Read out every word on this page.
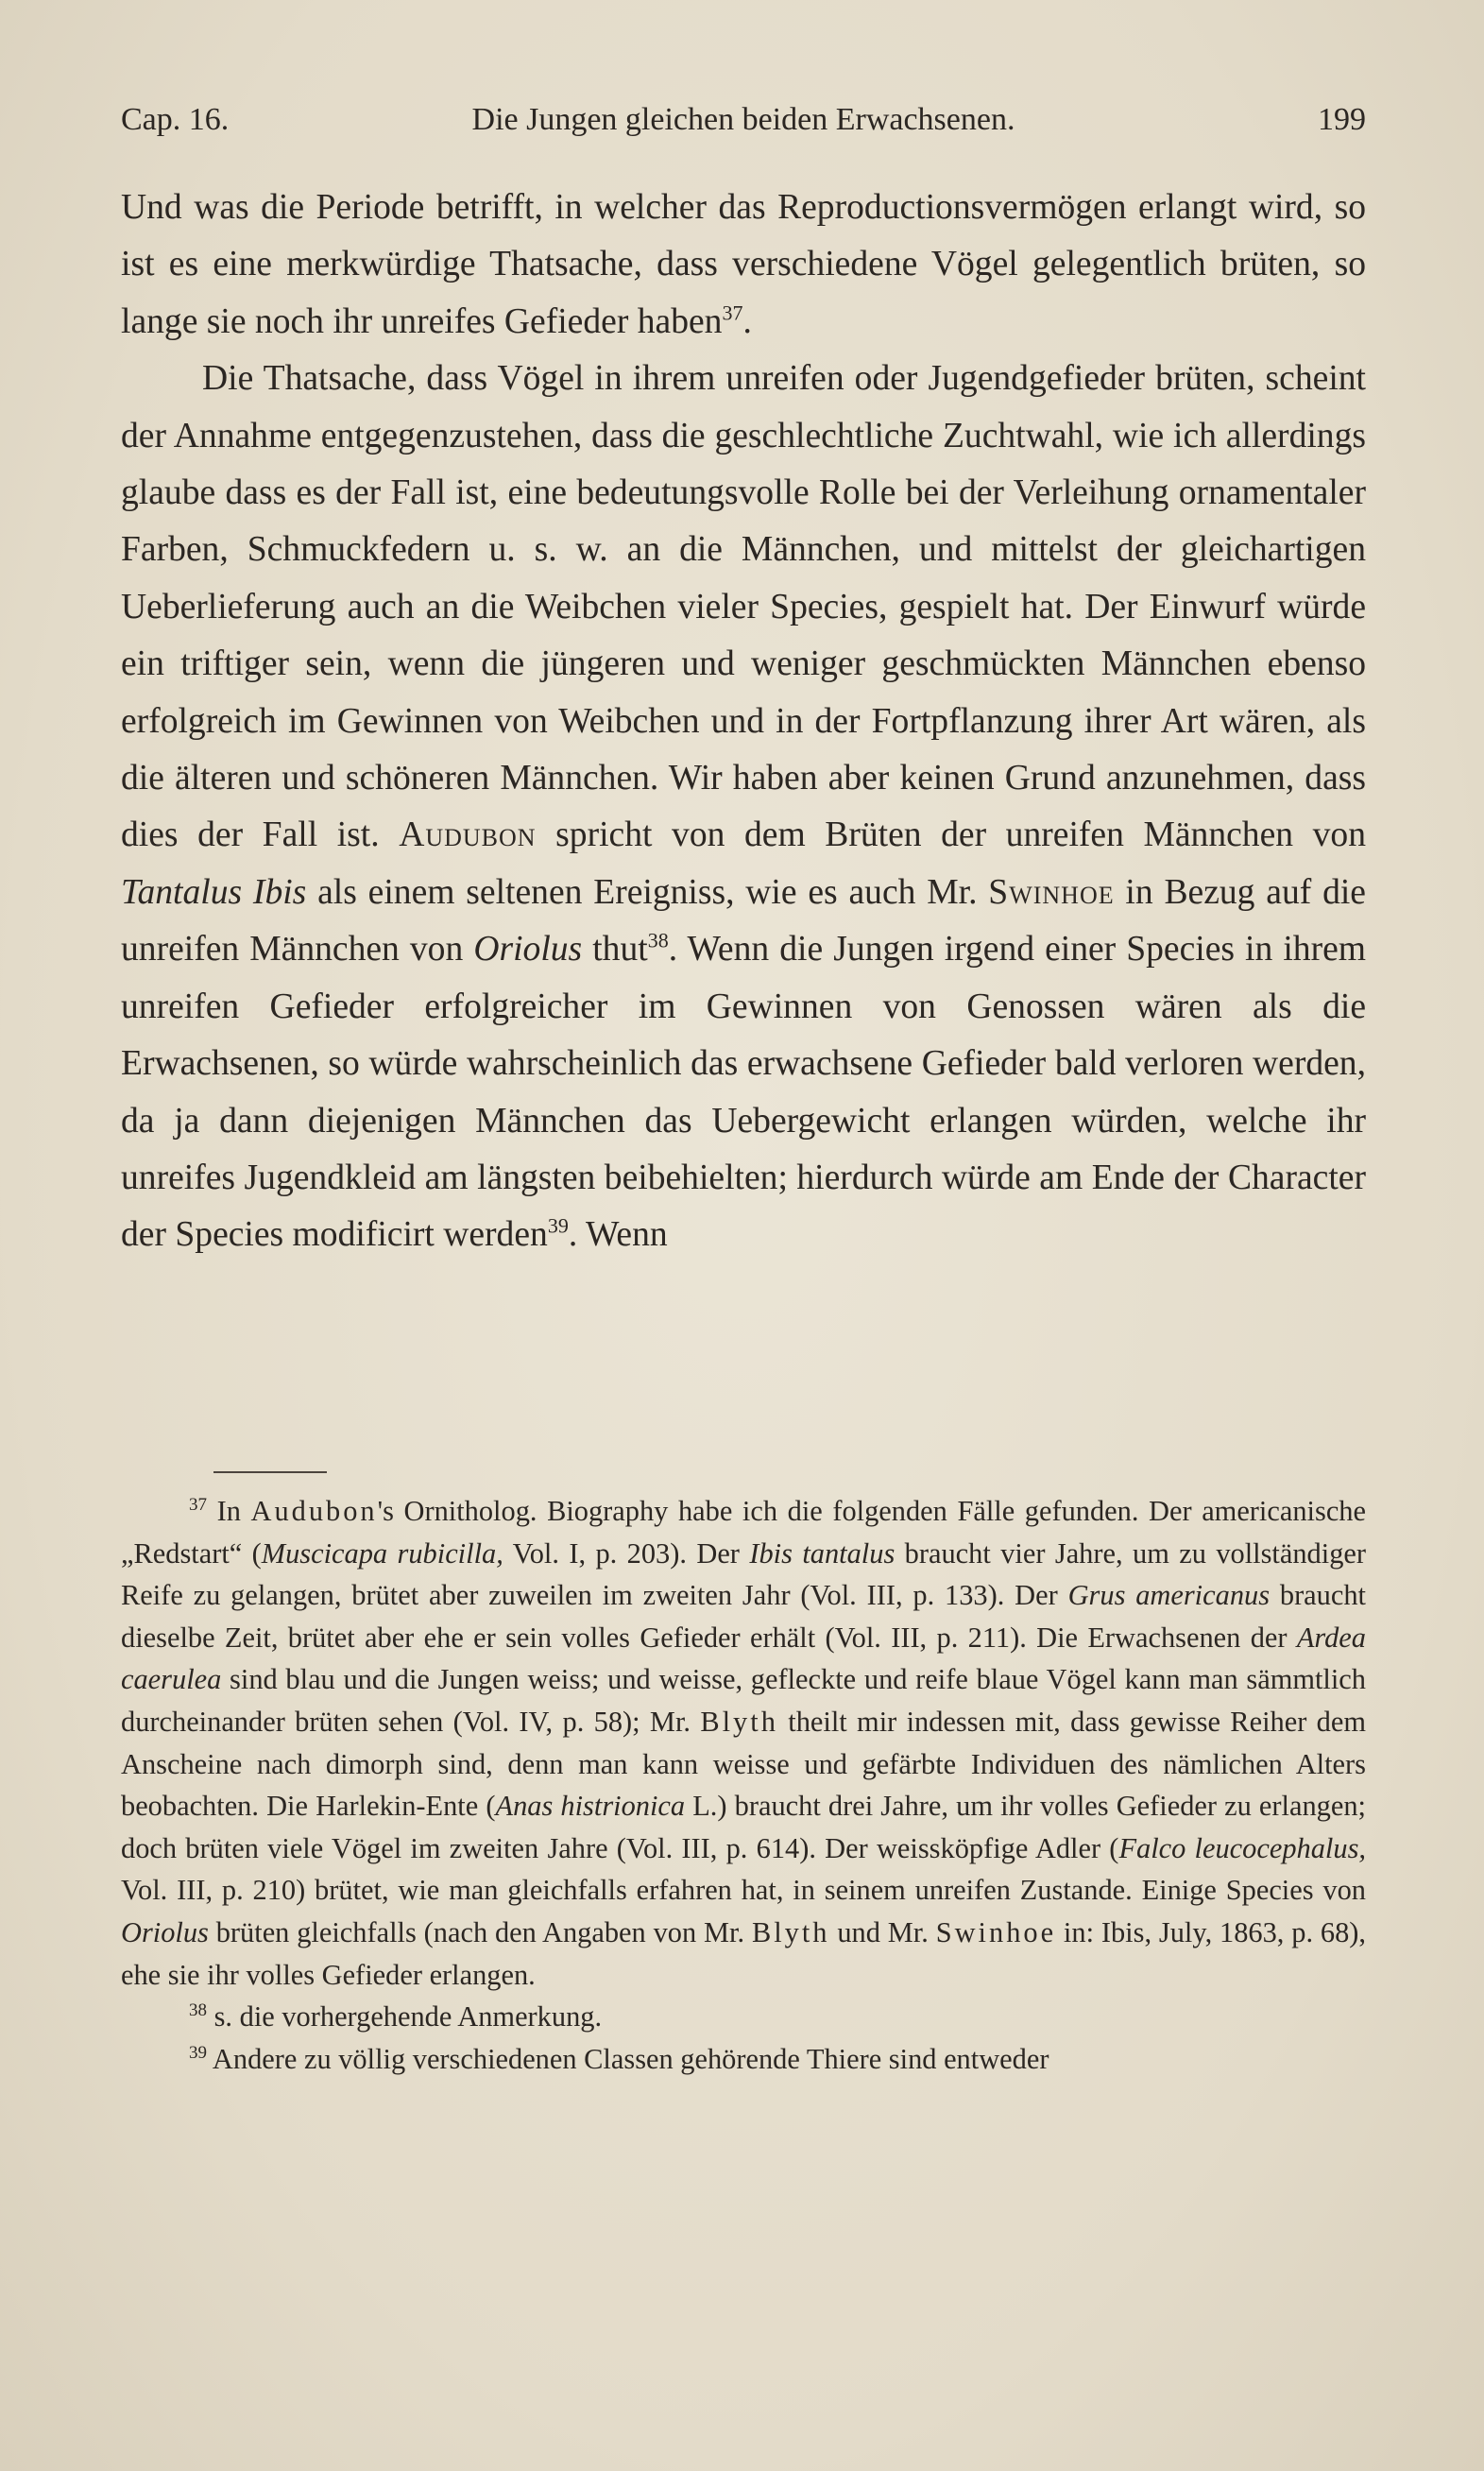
Cap. 16.	Die Jungen gleichen beiden Erwachsenen.	199

Und was die Periode betrifft, in welcher das Reproductionsvermögen erlangt wird, so ist es eine merkwürdige Thatsache, dass verschiedene Vögel gelegentlich brüten, so lange sie noch ihr unreifes Gefieder haben$^{37}$.

Die Thatsache, dass Vögel in ihrem unreifen oder Jugendgefieder brüten, scheint der Annahme entgegenzustehen, dass die geschlechtliche Zuchtwahl, wie ich allerdings glaube dass es der Fall ist, eine bedeutungsvolle Rolle bei der Verleihung ornamentaler Farben, Schmuckfedern u. s. w. an die Männchen, und mittelst der gleichartigen Ueberlieferung auch an die Weibchen vieler Species, gespielt hat. Der Einwurf würde ein triftiger sein, wenn die jüngeren und weniger geschmückten Männchen ebenso erfolgreich im Gewinnen von Weibchen und in der Fortpflanzung ihrer Art wären, als die älteren und schöneren Männchen. Wir haben aber keinen Grund anzunehmen, dass dies der Fall ist. Audubon spricht von dem Brüten der unreifen Männchen von Tantalus Ibis als einem seltenen Ereigniss, wie es auch Mr. Swinhoe in Bezug auf die unreifen Männchen von Oriolus thut$^{38}$. Wenn die Jungen irgend einer Species in ihrem unreifen Gefieder erfolgreicher im Gewinnen von Genossen wären als die Erwachsenen, so würde wahrscheinlich das erwachsene Gefieder bald verloren werden, da ja dann diejenigen Männchen das Uebergewicht erlangen würden, welche ihr unreifes Jugendkleid am längsten beibehielten; hierdurch würde am Ende der Character der Species modificirt werden$^{39}$. Wenn

$^{37}$ In Audubon's Ornitholog. Biography habe ich die folgenden Fälle gefunden. Der americanische „Redstart“ (Muscicapa rubicilla, Vol. I, p. 203). Der Ibis tantalus braucht vier Jahre, um zu vollständiger Reife zu gelangen, brütet aber zuweilen im zweiten Jahr (Vol. III, p. 133). Der Grus americanus braucht dieselbe Zeit, brütet aber ehe er sein volles Gefieder erhält (Vol. III, p. 211). Die Erwachsenen der Ardea caerulea sind blau und die Jungen weiss; und weisse, gefleckte und reife blaue Vögel kann man sämmtlich durcheinander brüten sehen (Vol. IV, p. 58); Mr. Blyth theilt mir indessen mit, dass gewisse Reiher dem Anscheine nach dimorph sind, denn man kann weisse und gefärbte Individuen des nämlichen Alters beobachten. Die Harlekin-Ente (Anas histrionica L.) braucht drei Jahre, um ihr volles Gefieder zu erlangen; doch brüten viele Vögel im zweiten Jahre (Vol. III, p. 614). Der weissköpfige Adler (Falco leucocephalus, Vol. III, p. 210) brütet, wie man gleichfalls erfahren hat, in seinem unreifen Zustande. Einige Species von Oriolus brüten gleichfalls (nach den Angaben von Mr. Blyth und Mr. Swinhoe in: Ibis, July, 1863, p. 68), ehe sie ihr volles Gefieder erlangen.

$^{38}$ s. die vorhergehende Anmerkung.

$^{39}$ Andere zu völlig verschiedenen Classen gehörende Thiere sind entweder
